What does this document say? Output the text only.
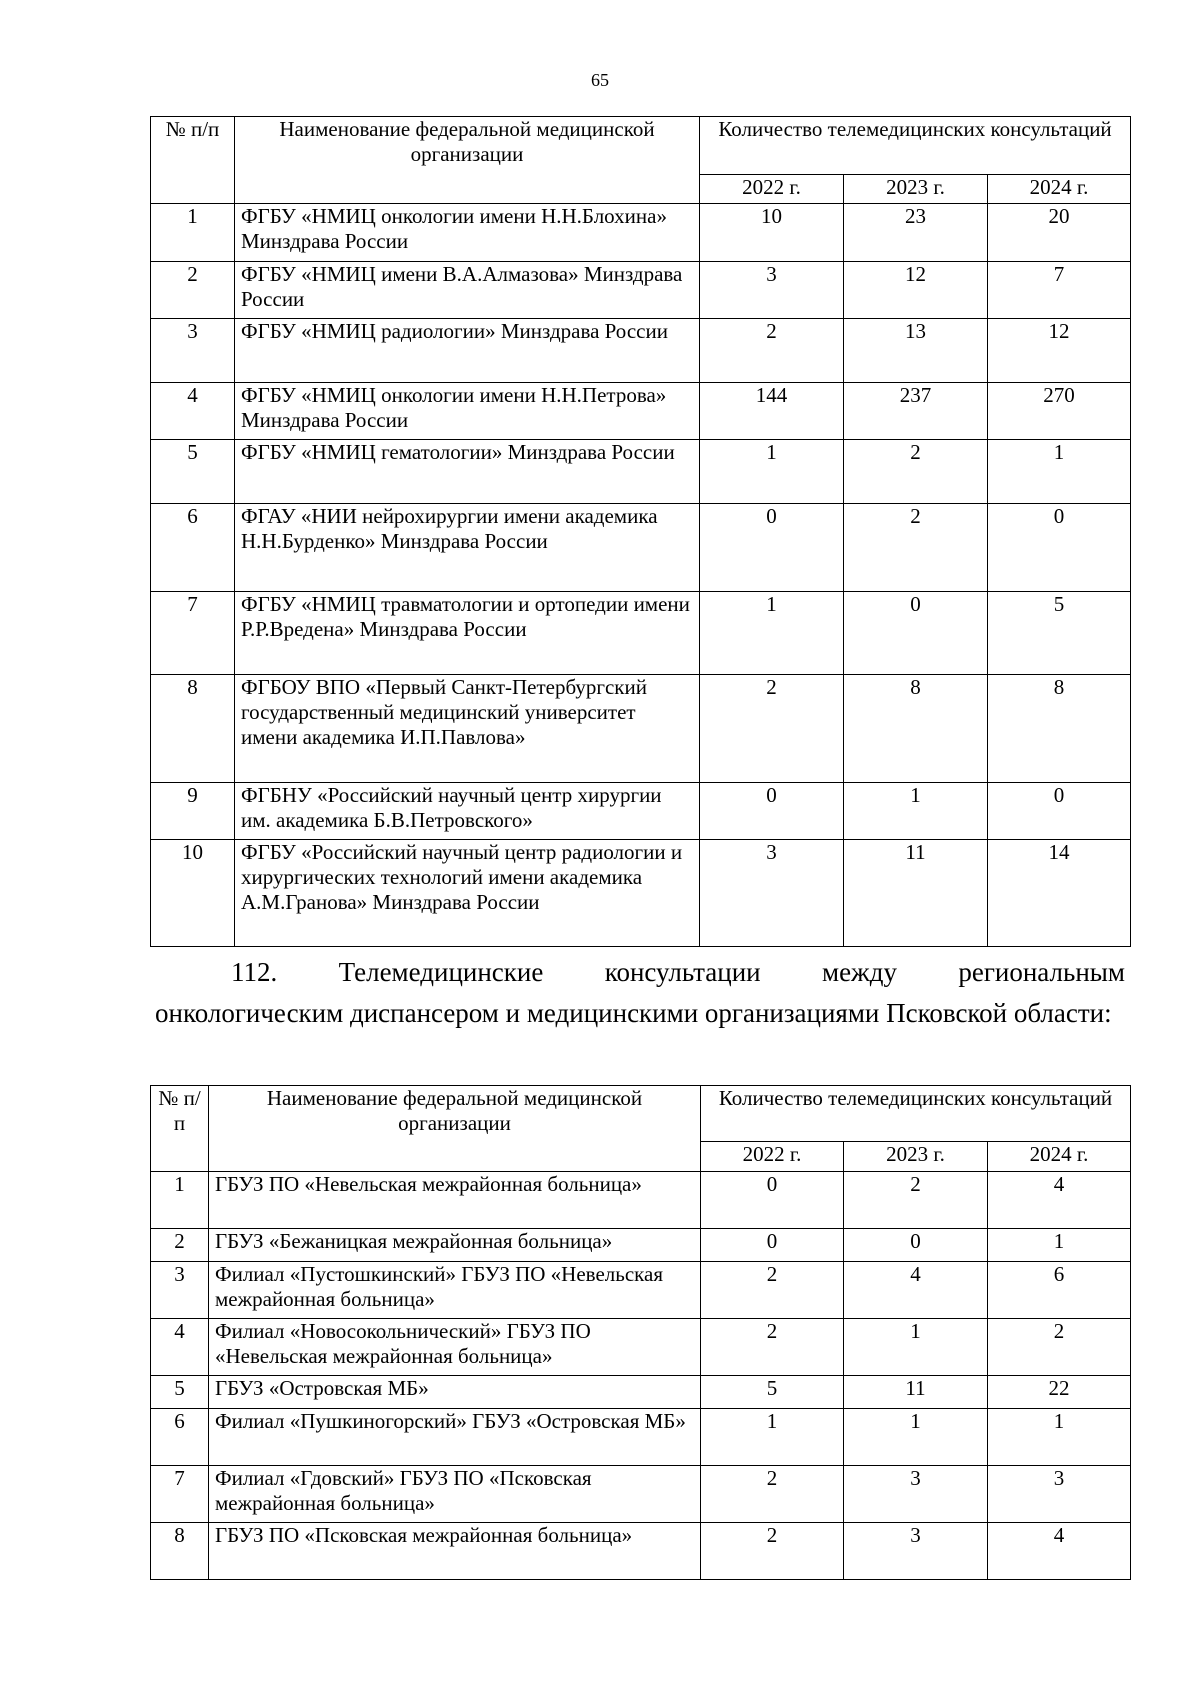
65
№ п/п	Наименование федеральной медицинской организации	Количество телемедицинских консультаций		
		2022 г.	2023 г.	2024 г.
1	ФГБУ «НМИЦ онкологии имени Н.Н.Блохина» Минздрава России	10	23	20
2	ФГБУ «НМИЦ имени В.А.Алмазова» Минздрава России	3	12	7
3	ФГБУ «НМИЦ радиологии» Минздрава России	2	13	12
4	ФГБУ «НМИЦ онкологии имени Н.Н.Петрова» Минздрава России	144	237	270
5	ФГБУ «НМИЦ гематологии» Минздрава России	1	2	1
6	ФГАУ «НИИ нейрохирургии имени академика Н.Н.Бурденко» Минздрава России	0	2	0
7	ФГБУ «НМИЦ травматологии и ортопедии имени Р.Р.Вредена» Минздрава России	1	0	5
8	ФГБОУ ВПО «Первый Санкт-Петербургский государственный медицинский университет имени академика И.П.Павлова»	2	8	8
9	ФГБНУ «Российский научный центр хирургии им. академика Б.В.Петровского»	0	1	0
10	ФГБУ «Российский научный центр радиологии и хирургических технологий имени академика А.М.Гранова» Минздрава России	3	11	14
112. Телемедицинские консультации между региональным
онкологическим диспансером и медицинскими организациями Псковской области:
№ п/п	Наименование федеральной медицинской организации	Количество телемедицинских консультаций		
		2022 г.	2023 г.	2024 г.
1	ГБУЗ ПО «Невельская межрайонная больница»	0	2	4
2	ГБУЗ «Бежаницкая межрайонная больница»	0	0	1
3	Филиал «Пустошкинский» ГБУЗ ПО «Невельская межрайонная больница»	2	4	6
4	Филиал «Новосокольнический» ГБУЗ ПО «Невельская межрайонная больница»	2	1	2
5	ГБУЗ «Островская МБ»	5	11	22
6	Филиал «Пушкиногорский» ГБУЗ «Островская МБ»	1	1	1
7	Филиал «Гдовский» ГБУЗ ПО «Псковская межрайонная больница»	2	3	3
8	ГБУЗ ПО «Псковская межрайонная больница»	2	3	4
